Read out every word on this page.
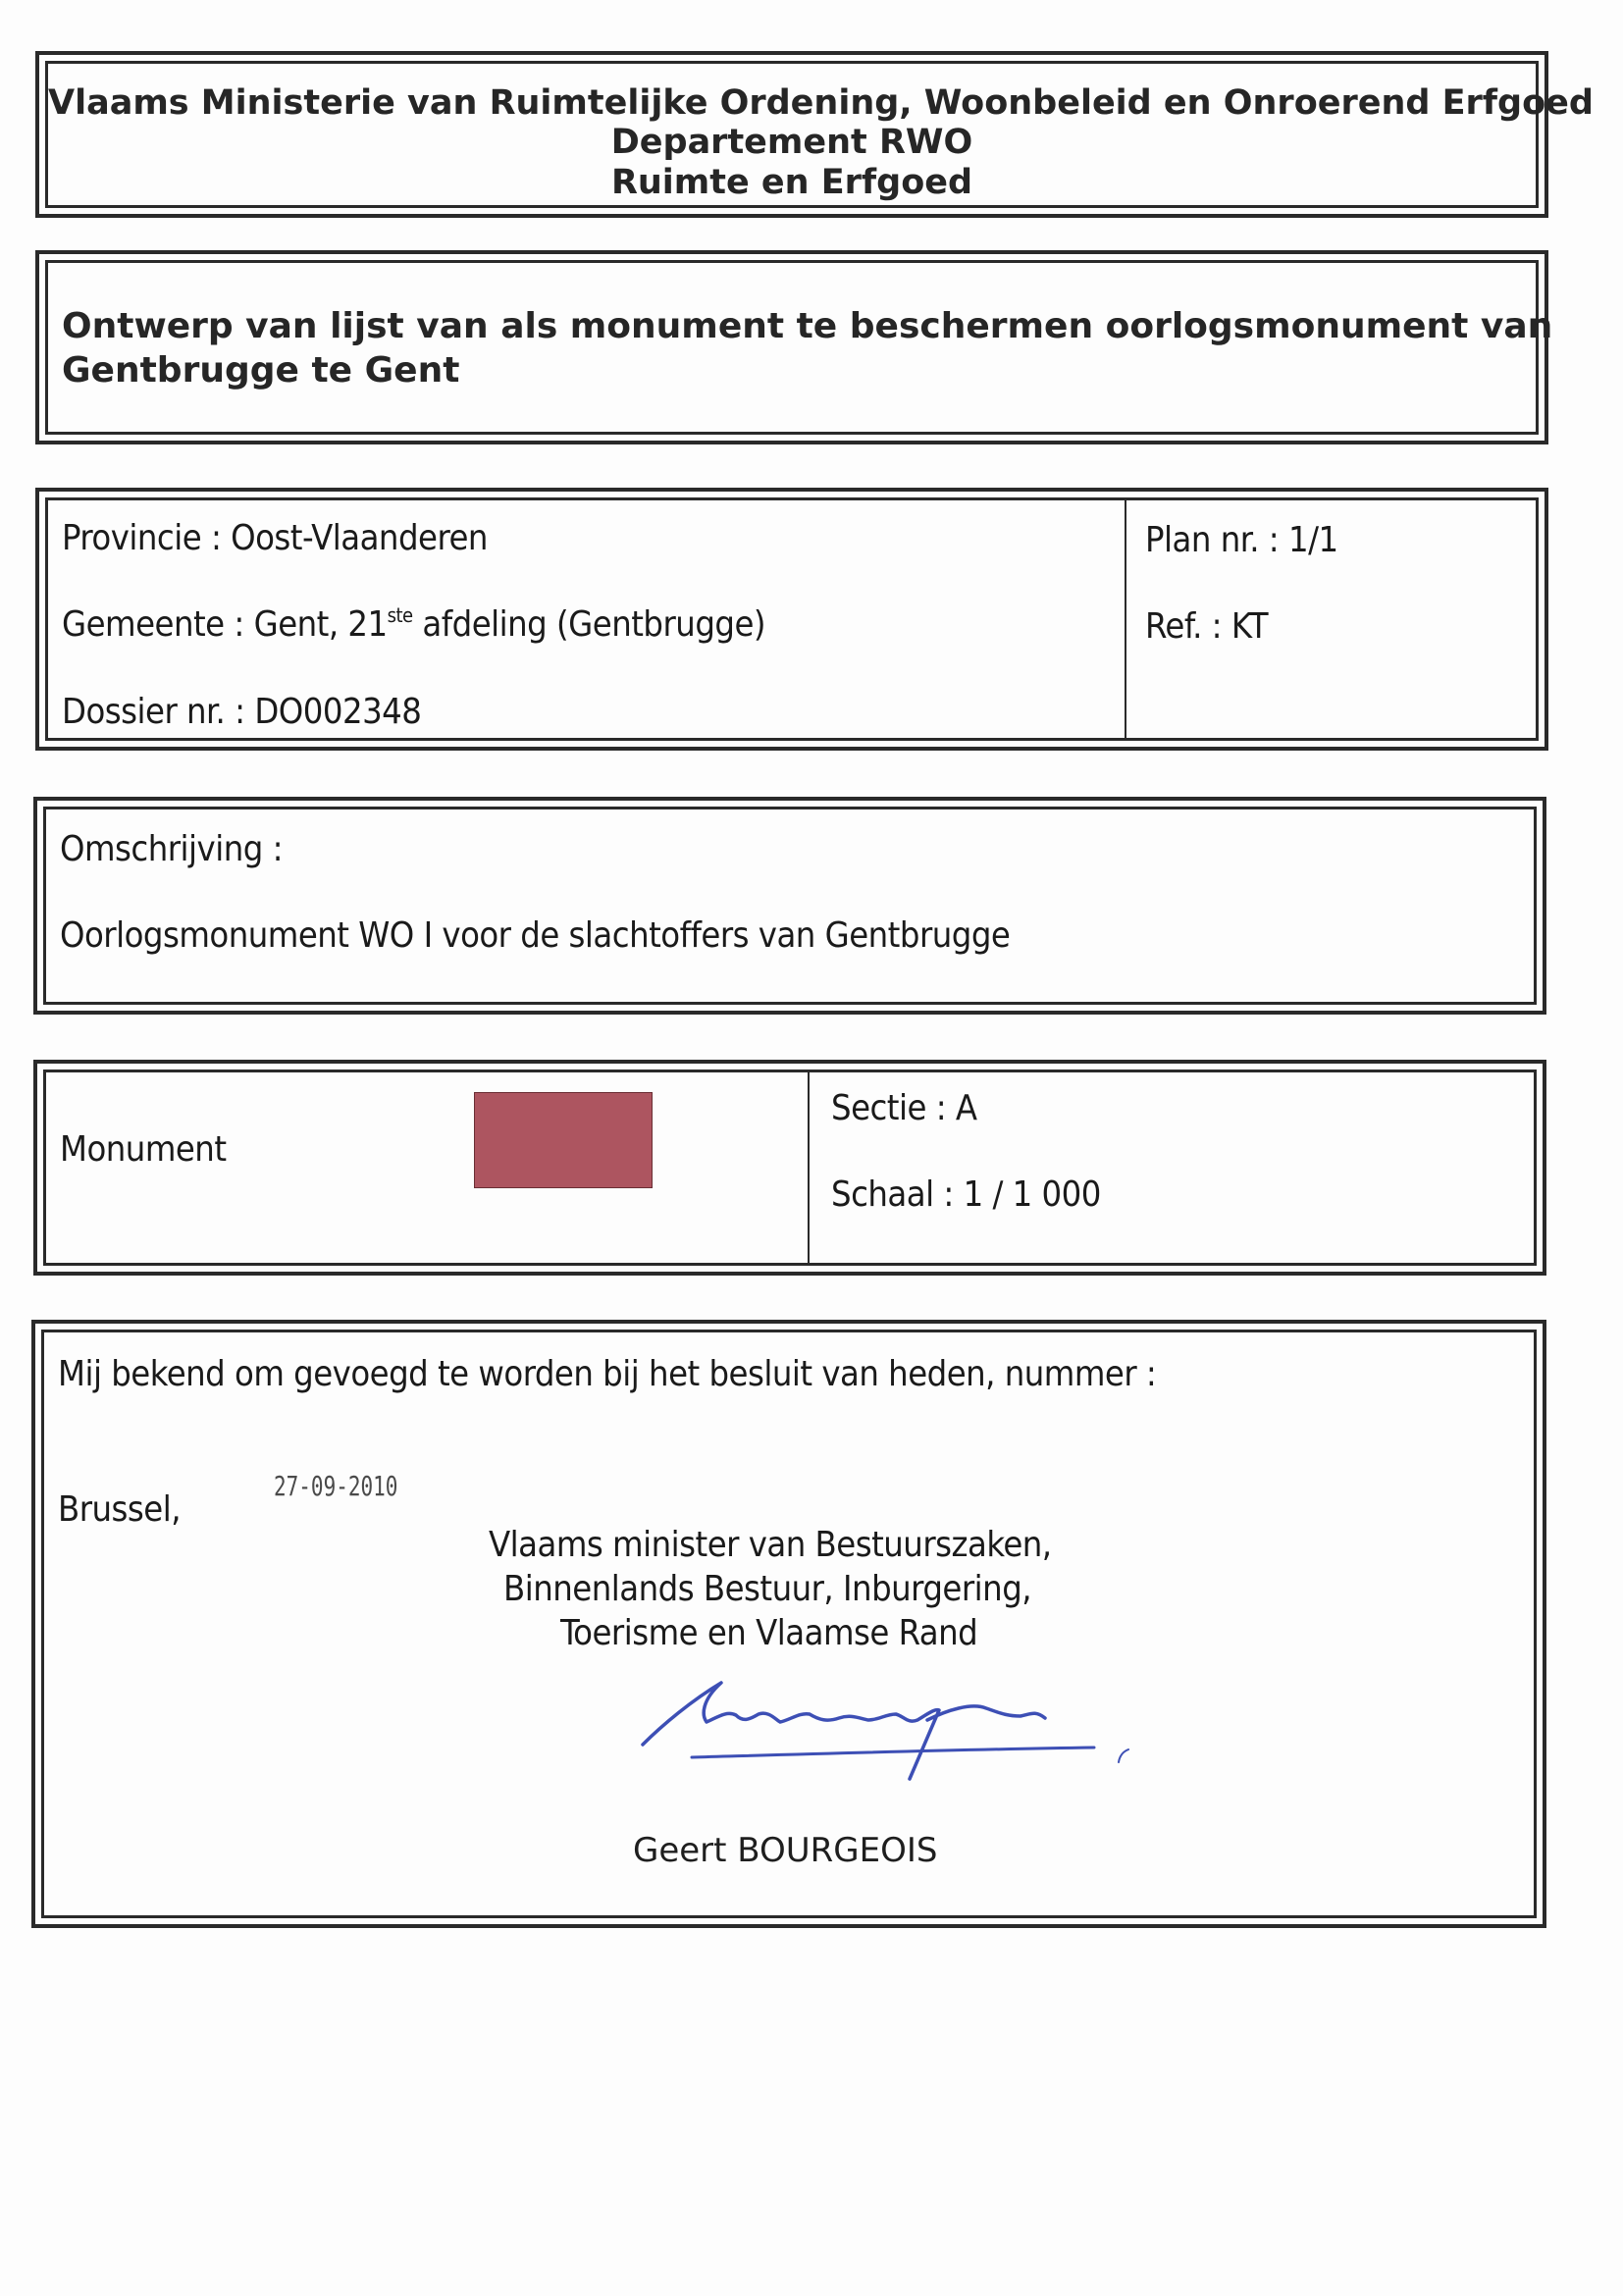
Vlaams Ministerie van Ruimtelijke Ordening, Woonbeleid en Onroerend Erfgoed
Departement RWO
Ruimte en Erfgoed
Ontwerp van lijst van als monument te beschermen oorlogsmonument van
Gentbrugge te Gent
Provincie : Oost-Vlaanderen
Gemeente : Gent, 21ste afdeling (Gentbrugge)
Dossier nr. : DO002348
Plan nr. : 1/1
Ref. : KT
Omschrijving :
Oorlogsmonument WO I voor de slachtoffers van Gentbrugge
Monument
Sectie : A
Schaal : 1 / 1 000
Mij bekend om gevoegd te worden bij het besluit van heden, nummer :
Brussel,
27-09-2010
Vlaams minister van Bestuurszaken,
Binnenlands Bestuur, Inburgering,
Toerisme en Vlaamse Rand
Geert BOURGEOIS
